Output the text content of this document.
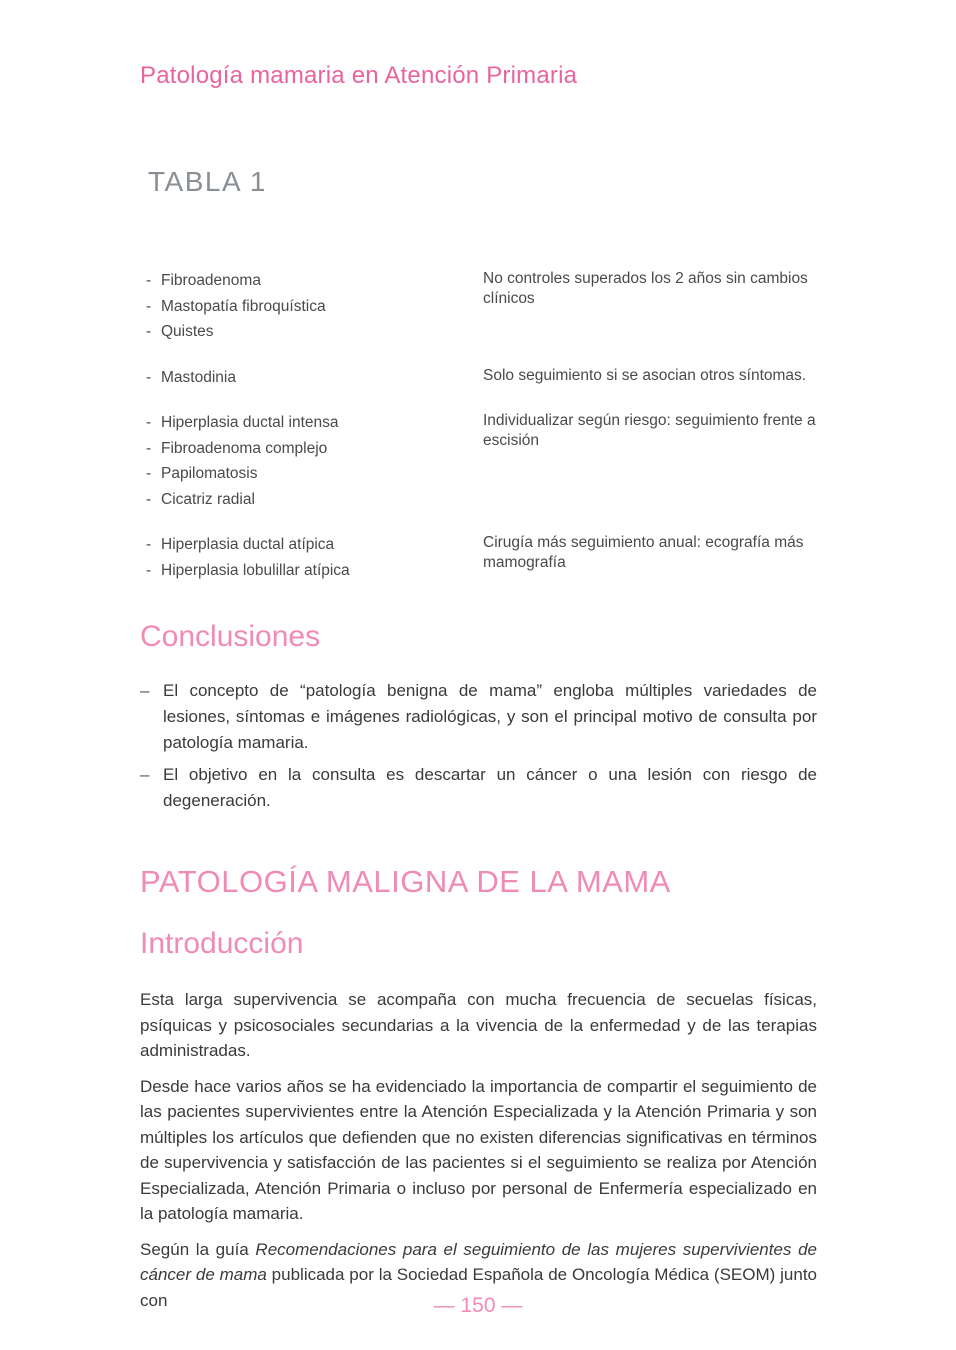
Patología mamaria en Atención Primaria
TABLA 1
- Fibroadenoma
- Mastopatía fibroquística
- Quistes
No controles superados los 2 años sin cambios clínicos
- Mastodinia	Solo seguimiento si se asocian otros síntomas.
- Hiperplasia ductal intensa
- Fibroadenoma complejo
- Papilomatosis
- Cicatriz radial
Individualizar según riesgo: seguimiento frente a escisión
- Hiperplasia ductal atípica
- Hiperplasia lobulillar atípica
Cirugía más seguimiento anual: ecografía más mamografía
Conclusiones
– El concepto de “patología benigna de mama” engloba múltiples variedades de lesiones, síntomas e imágenes radiológicas, y son el principal motivo de consulta por patología mamaria.
– El objetivo en la consulta es descartar un cáncer o una lesión con riesgo de degeneración.
PATOLOGÍA MALIGNA DE LA MAMA
Introducción

Esta larga supervivencia se acompaña con mucha frecuencia de secuelas físicas, psíquicas y psicosociales secundarias a la vivencia de la enfermedad y de las terapias administradas.

Desde hace varios años se ha evidenciado la importancia de compartir el seguimiento de las pacientes supervivientes entre la Atención Especializada y la Atención Primaria y son múltiples los artículos que defienden que no existen diferencias significativas en términos de supervivencia y satisfacción de las pacientes si el seguimiento se realiza por Atención Especializada, Atención Primaria o incluso por personal de Enfermería especializado en la patología mamaria.

Según la guía Recomendaciones para el seguimiento de las mujeres supervivientes de cáncer de mama publicada por la Sociedad Española de Oncología Médica (SEOM) junto con	— 150 —
